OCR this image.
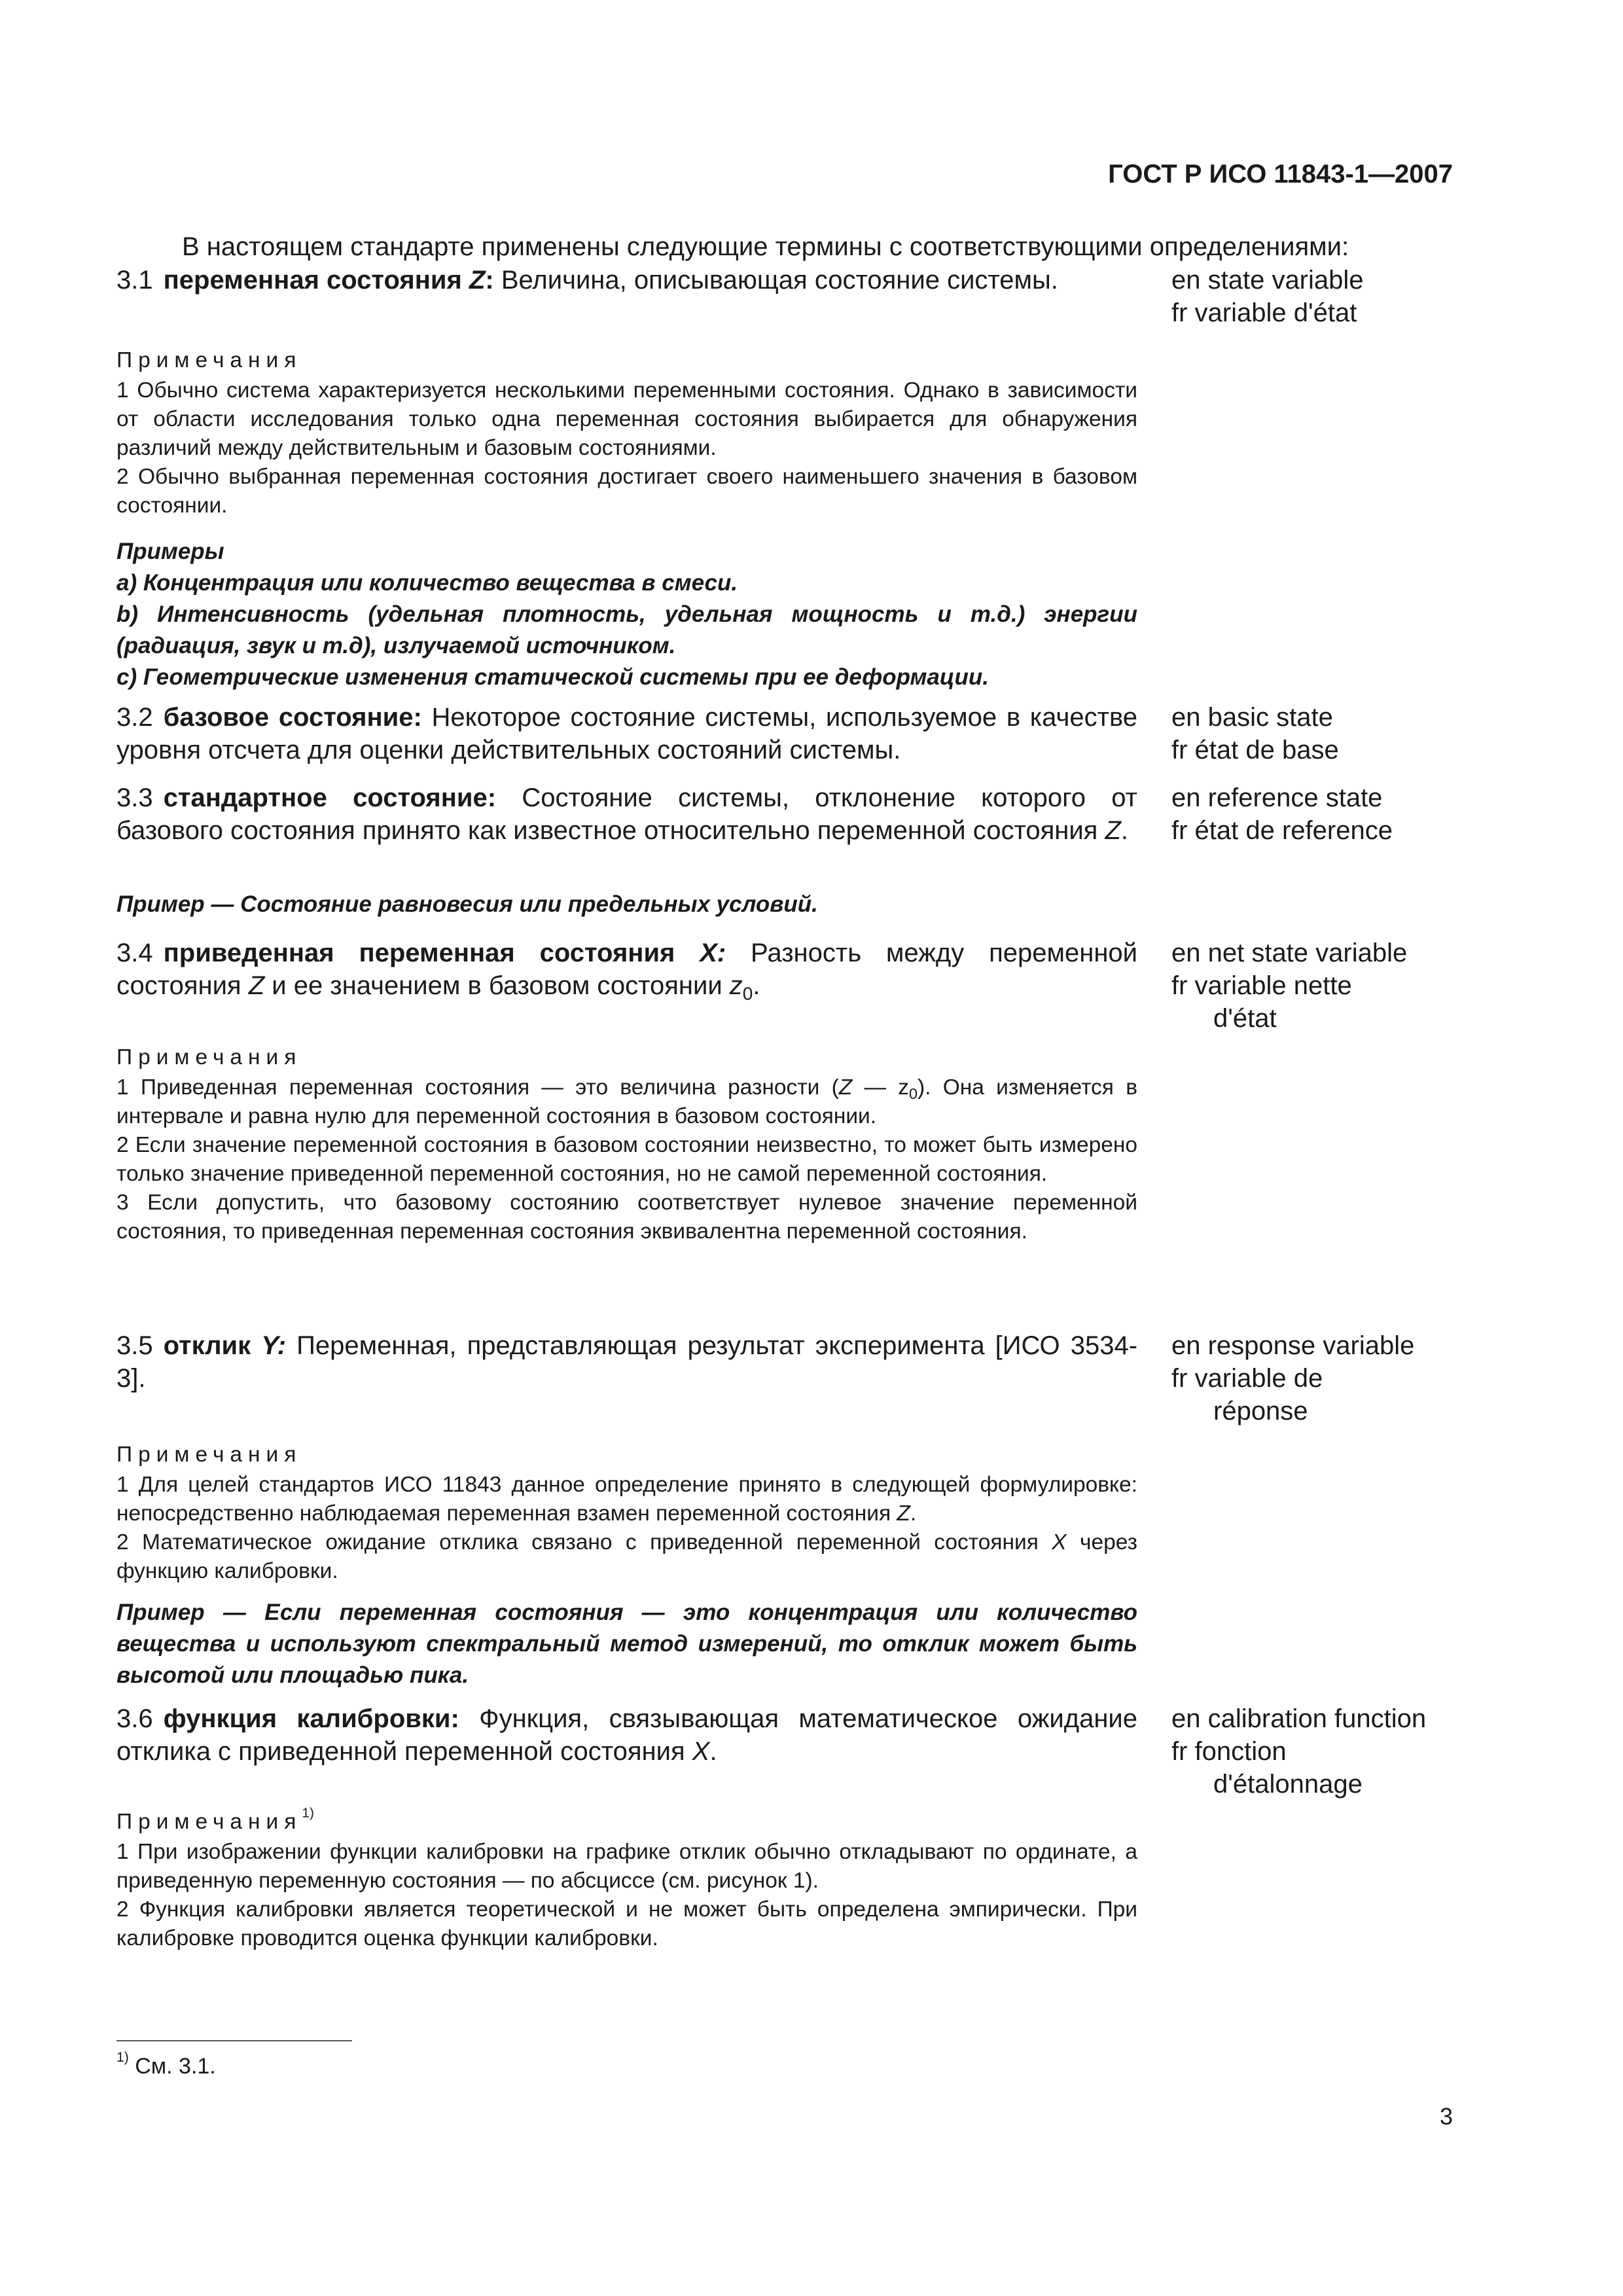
ГОСТ Р ИСО 11843-1—2007
В настоящем стандарте применены следующие термины с соответствующими определениями:
3.1 переменная состояния Z: Величина, описывающая состояние системы.	en state variable
fr variable d'état
Примечания

1 Обычно система характеризуется несколькими переменными состояния. Однако в зависимости от области исследования только одна переменная состояния выбирается для обнаружения различий между действительным и базовым состояниями.

2 Обычно выбранная переменная состояния достигает своего наименьшего значения в базовом состоянии.

Примеры

а) Концентрация или количество вещества в смеси.

b) Интенсивность (удельная плотность, удельная мощность и т.д.) энергии (радиация, звук и т.д), излучаемой источником.

с) Геометрические изменения статической системы при ее деформации.

3.2 базовое состояние: Некоторое состояние системы, используемое в качестве уровня отсчета для оценки действительных состояний системы.
en basic state
fr état de base
3.3 стандартное состояние: Состояние системы, отклонение которого от базового состояния принято как известное относительно переменной состояния Z.
en reference state
fr état de reference

Пример — Состояние равновесия или предельных условий.

3.4 приведенная переменная состояния X: Разность между переменной состояния Z и ее значением в базовом состоянии $z_0$.
en net state variable
fr variable nette
d'état
Примечания

1 Приведенная переменная состояния — это величина разности (Z — $z_0$). Она изменяется в интервале и равна нулю для переменной состояния в базовом состоянии.

2 Если значение переменной состояния в базовом состоянии неизвестно, то может быть измерено только значение приведенной переменной состояния, но не самой переменной состояния.

3 Если допустить, что базовому состоянию соответствует нулевое значение переменной состояния, то приведенная переменная состояния эквивалентна переменной состояния.

3.5 отклик Y: Переменная, представляющая результат эксперимента [ИСО 3534-3].
en response variable
fr variable de
réponse
Примечания

1 Для целей стандартов ИСО 11843 данное определение принято в следующей формулировке: непосредственно наблюдаемая переменная взамен переменной состояния Z.

2 Математическое ожидание отклика связано с приведенной переменной состояния X через функцию калибровки.

Пример — Если переменная состояния — это концентрация или количество вещества и используют спектральный метод измерений, то отклик может быть высотой или площадью пика.

3.6 функция калибровки: Функция, связывающая математическое ожидание отклика с приведенной переменной состояния X.
en calibration function
fr fonction
d'étalonnage
Примечания$^{1)}$

1 При изображении функции калибровки на графике отклик обычно откладывают по ординате, а приведенную переменную состояния — по абсциссе (см. рисунок 1).

2 Функция калибровки является теоретической и не может быть определена эмпирически. При калибровке проводится оценка функции калибровки.

$^{1)}$ См. 3.1.
3
